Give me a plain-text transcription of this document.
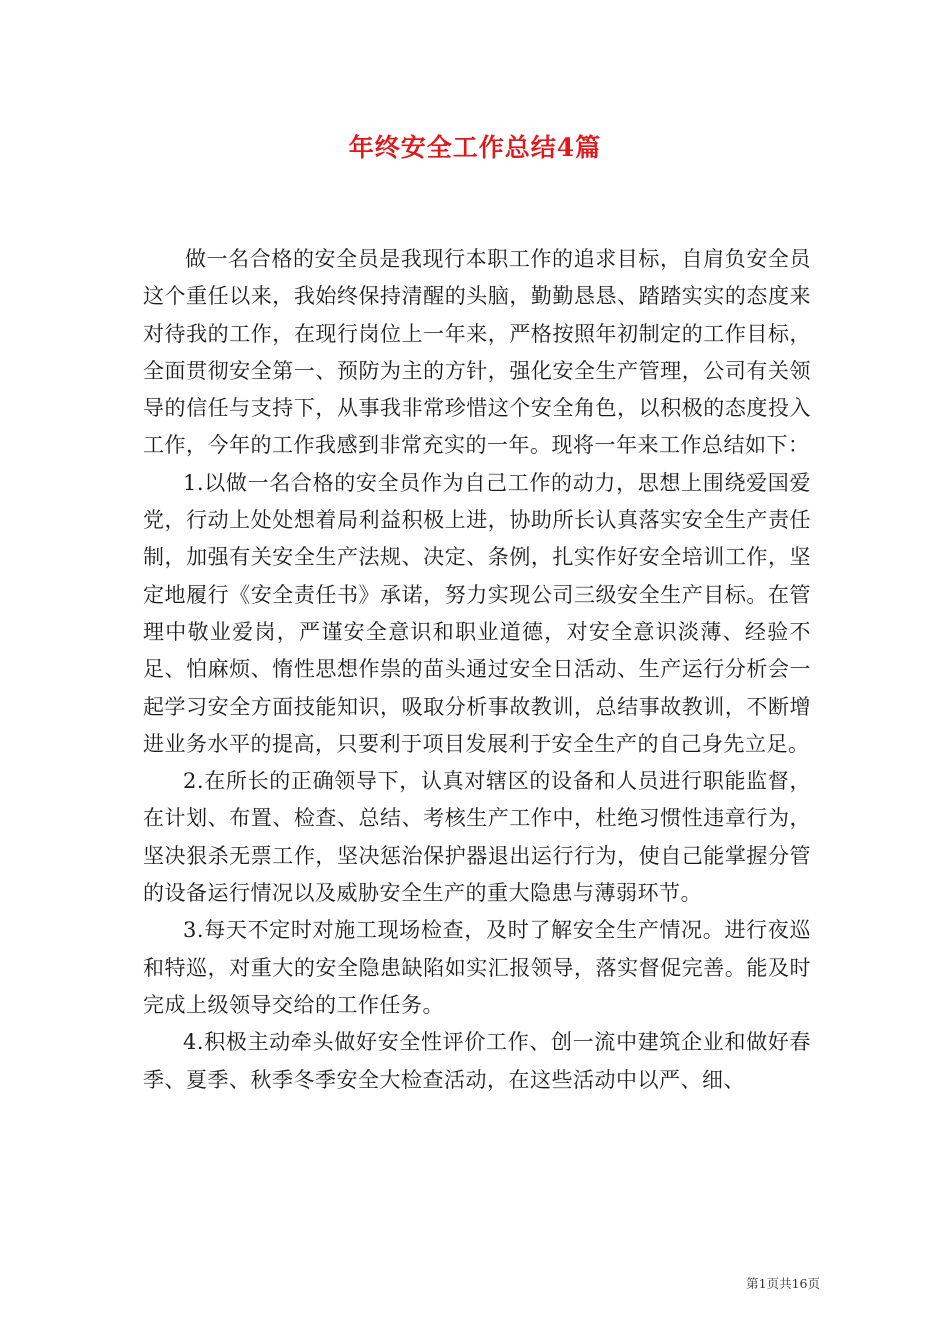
年终安全工作总结4篇

做一名合格的安全员是我现行本职工作的追求目标，自肩负安全员这个重任以来，我始终保持清醒的头脑，勤勤恳恳、踏踏实实的态度来对待我的工作，在现行岗位上一年来，严格按照年初制定的工作目标，全面贯彻安全第一、预防为主的方针，强化安全生产管理，公司有关领导的信任与支持下，从事我非常珍惜这个安全角色，以积极的态度投入工作，今年的工作我感到非常充实的一年。现将一年来工作总结如下：

1.以做一名合格的安全员作为自己工作的动力，思想上围绕爱国爱党，行动上处处想着局利益积极上进，协助所长认真落实安全生产责任制，加强有关安全生产法规、决定、条例，扎实作好安全培训工作，坚定地履行《安全责任书》承诺，努力实现公司三级安全生产目标。在管理中敬业爱岗，严谨安全意识和职业道德，对安全意识淡薄、经验不足、怕麻烦、惰性思想作祟的苗头通过安全日活动、生产运行分析会一起学习安全方面技能知识，吸取分析事故教训，总结事故教训，不断增进业务水平的提高，只要利于项目发展利于安全生产的自己身先立足。

2.在所长的正确领导下，认真对辖区的设备和人员进行职能监督，在计划、布置、检查、总结、考核生产工作中，杜绝习惯性违章行为，坚决狠杀无票工作，坚决惩治保护器退出运行行为，使自己能掌握分管的设备运行情况以及威胁安全生产的重大隐患与薄弱环节。

3.每天不定时对施工现场检查，及时了解安全生产情况。进行夜巡和特巡，对重大的安全隐患缺陷如实汇报领导，落实督促完善。能及时完成上级领导交给的工作任务。

4.积极主动牵头做好安全性评价工作、创一流中建筑企业和做好春季、夏季、秋季冬季安全大检查活动，在这些活动中以严、细、

第1页共16页
